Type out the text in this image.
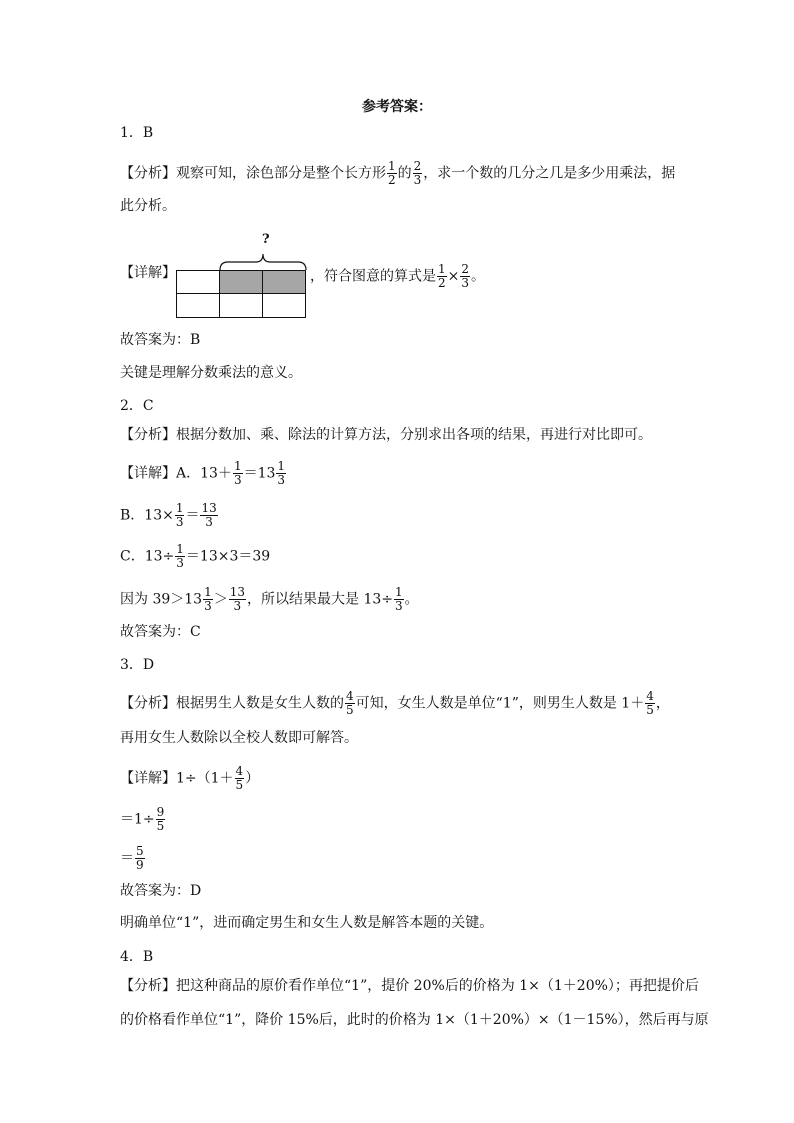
参考答案：
1．B
【分析】观察可知，涂色部分是整个长方形 $\frac{1}{2}$ 的 $\frac{2}{3}$ ，求一个数的几分之几是多少用乘法，据
此分析。
【详解】
?
，符合图意的算式是 $\frac{1}{2} \times \frac{2}{3}$ 。
故答案为：B
关键是理解分数乘法的意义。
2．C
【分析】根据分数加、乘、除法的计算方法，分别求出各项的结果，再进行对比即可。
【详解】A．$13+ \frac{1}{3} =13 \frac{1}{3}$
B．$13\times \frac{1}{3} = \frac{13}{3}$
C．$13\div \frac{1}{3} =13\times 3=39$
因为 $39>13 \frac{1}{3} > \frac{13}{3}$ ，所以结果最大是 $13\div \frac{1}{3}$ 。
故答案为：C
3．D
【分析】根据男生人数是女生人数的 $\frac{4}{5}$ 可知，女生人数是单位“1”，则男生人数是 $1+ \frac{4}{5}$ ，
再用女生人数除以全校人数即可解答。
【详解】$1\div(1+ \frac{4}{5}$ ）
$=1\div \frac{9}{5}$
＝ $\frac{5}{9}$
故答案为：D
明确单位“1”，进而确定男生和女生人数是解答本题的关键。
4．B
【分析】把这种商品的原价看作单位“1”，提价 20%后的价格为 1×（1＋20%）；再把提价后
的价格看作单位“1”，降价 15%后，此时的价格为 1×（1＋20%）×（1－15%），然后再与原
